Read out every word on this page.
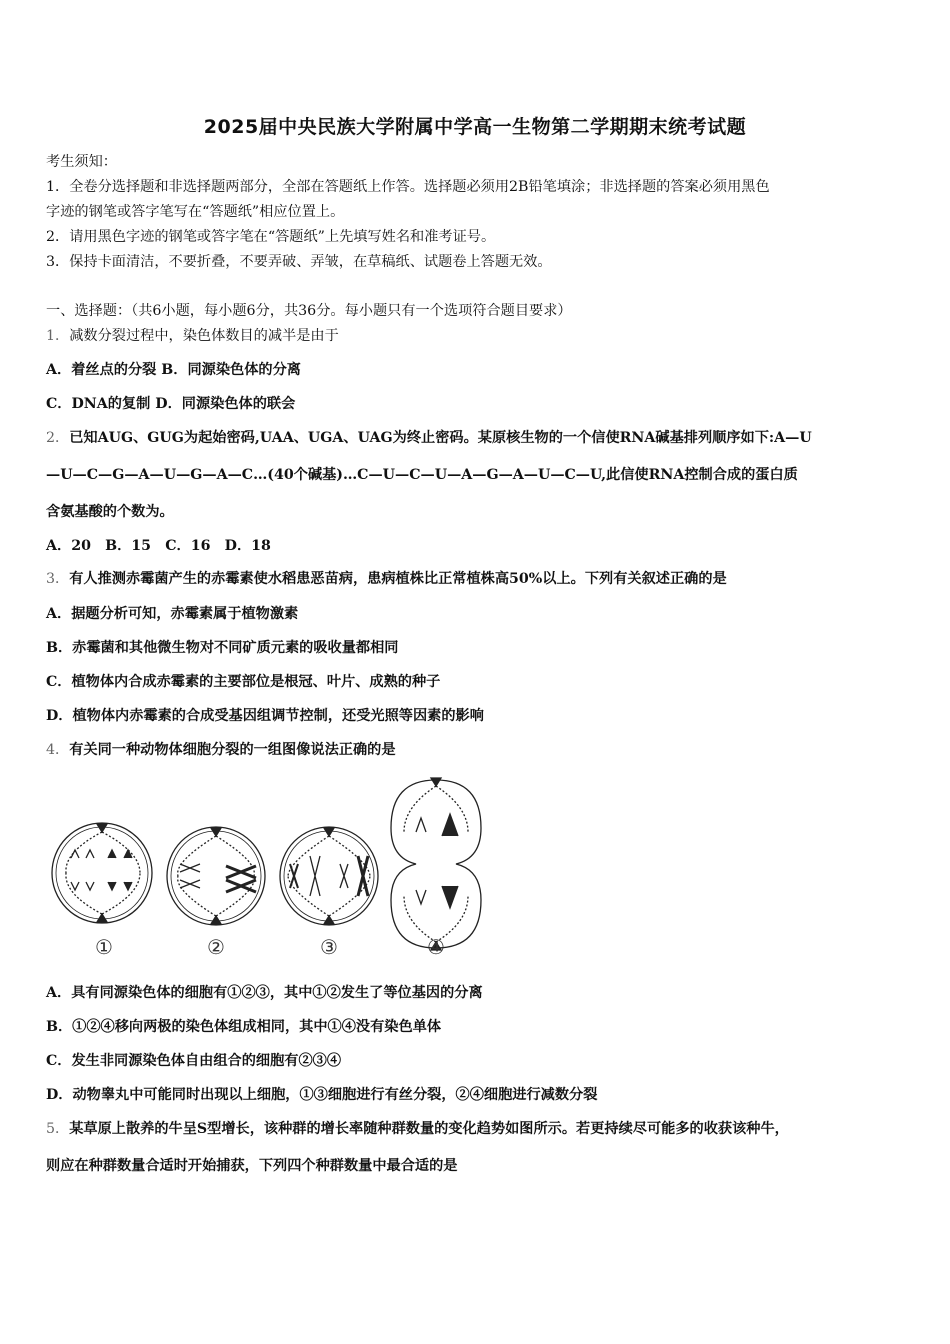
2025届中央民族大学附属中学高一生物第二学期期末统考试题
考生须知：
1．全卷分选择题和非选择题两部分，全部在答题纸上作答。选择题必须用2B铅笔填涂；非选择题的答案必须用黑色
字迹的钢笔或答字笔写在“答题纸”相应位置上。
2．请用黑色字迹的钢笔或答字笔在“答题纸”上先填写姓名和准考证号。
3．保持卡面清洁，不要折叠，不要弄破、弄皱，在草稿纸、试题卷上答题无效。
一、选择题：（共6小题，每小题6分，共36分。每小题只有一个选项符合题目要求）
1．减数分裂过程中，染色体数目的减半是由于
A．着丝点的分裂 B．同源染色体的分离
C．DNA的复制 D．同源染色体的联会
2．已知AUG、GUG为起始密码,UAA、UGA、UAG为终止密码。某原核生物的一个信使RNA碱基排列顺序如下:A—U
—U—C—G—A—U—G—A—C…(40个碱基)…C—U—C—U—A—G—A—U—C—U,此信使RNA控制合成的蛋白质
含氨基酸的个数为。
A．20　B．15　C．16　D．18
3．有人推测赤霉菌产生的赤霉素使水稻患恶苗病，患病植株比正常植株高50%以上。下列有关叙述正确的是
A．据题分析可知，赤霉素属于植物激素
B．赤霉菌和其他微生物对不同矿质元素的吸收量都相同
C．植物体内合成赤霉素的主要部位是根冠、叶片、成熟的种子
D．植物体内赤霉素的合成受基因组调节控制，还受光照等因素的影响
4．有关同一种动物体细胞分裂的一组图像说法正确的是
①	②	③	④
A．具有同源染色体的细胞有①②③，其中①②发生了等位基因的分离
B．①②④移向两极的染色体组成相同，其中①④没有染色单体
C．发生非同源染色体自由组合的细胞有②③④
D．动物睾丸中可能同时出现以上细胞，①③细胞进行有丝分裂，②④细胞进行减数分裂
5．某草原上散养的牛呈S型增长，该种群的增长率随种群数量的变化趋势如图所示。若更持续尽可能多的收获该种牛，
则应在种群数量合适时开始捕获，下列四个种群数量中最合适的是
